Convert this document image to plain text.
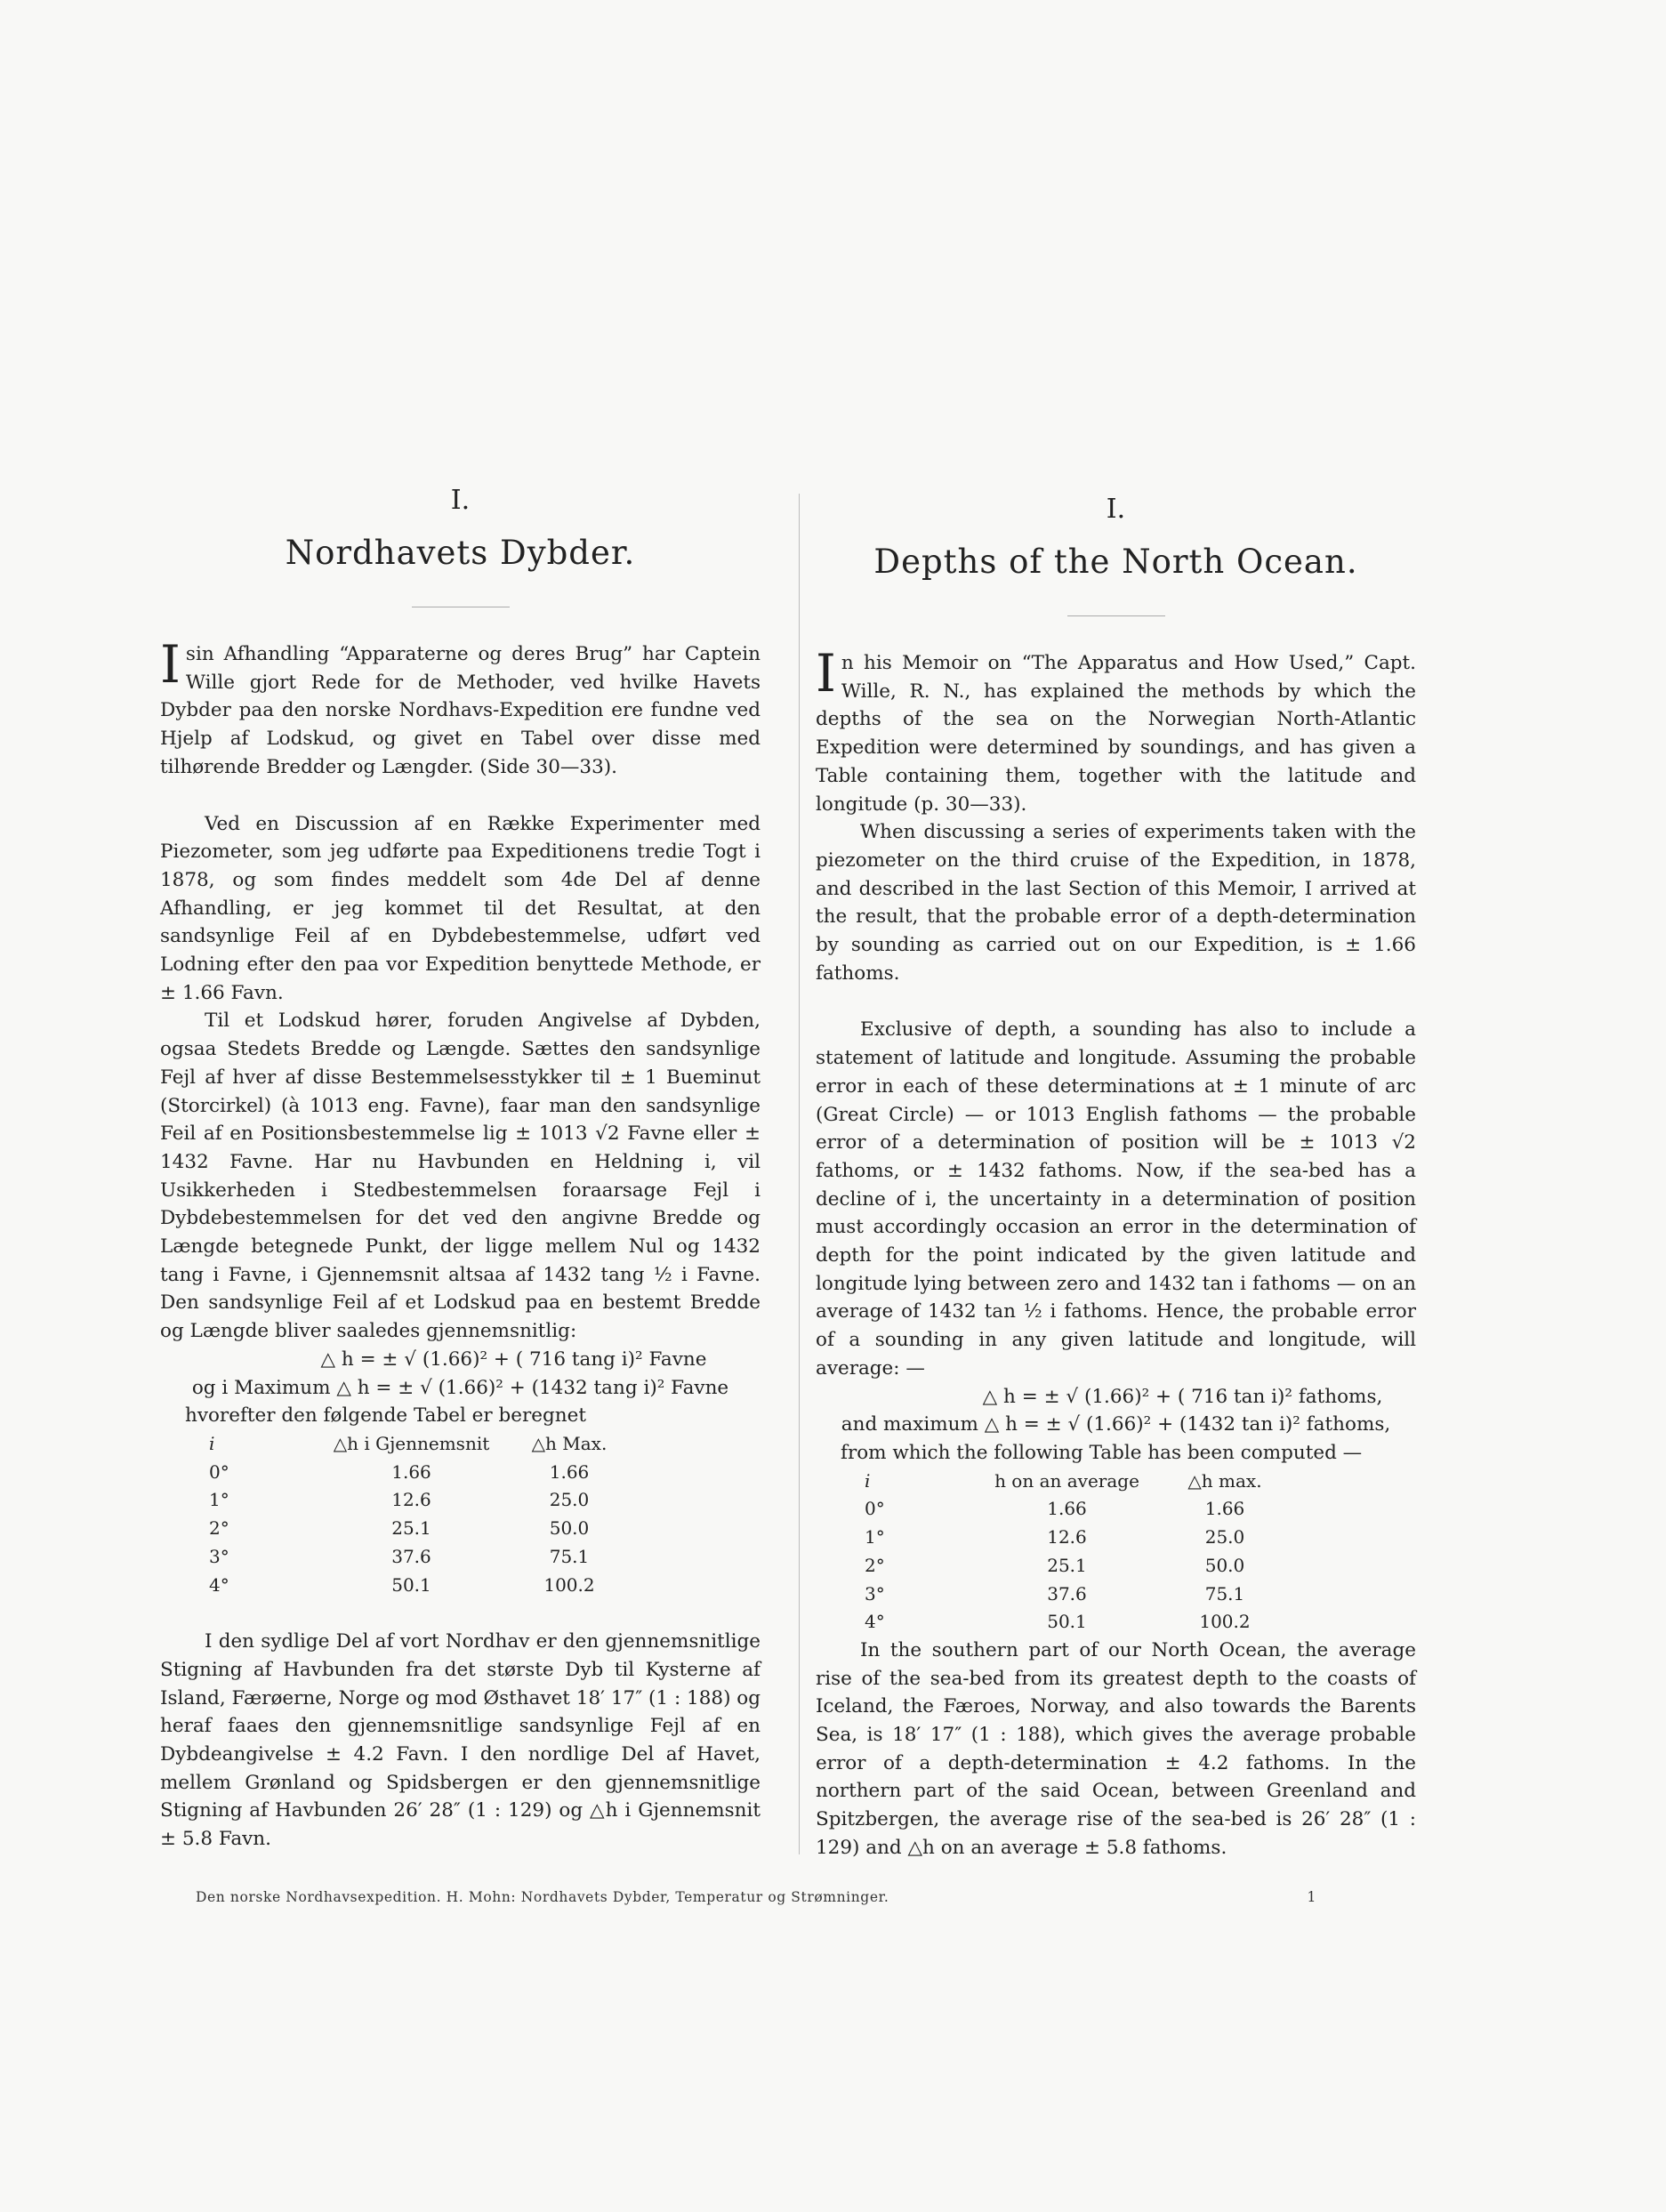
I.
Nordhavets Dybder.

Isin Afhandling “Apparaterne og deres Brug” har Captein Wille gjort Rede for de Methoder, ved hvilke Havets Dybder paa den norske Nordhavs-Expedition ere fundne ved Hjelp af Lodskud, og givet en Tabel over disse med tilhørende Bredder og Længder. (Side 30—33).

Ved en Discussion af en Række Experimenter med Piezometer, som jeg udførte paa Expeditionens tredie Togt i 1878, og som findes meddelt som 4de Del af denne Afhandling, er jeg kommet til det Resultat, at den sandsynlige Feil af en Dybdebestemmelse, udført ved Lodning efter den paa vor Expedition benyttede Methode, er ± 1.66 Favn.

Til et Lodskud hører, foruden Angivelse af Dybden, ogsaa Stedets Bredde og Længde. Sættes den sandsynlige Fejl af hver af disse Bestemmelsesstykker til ± 1 Bueminut (Storcirkel) (à 1013 eng. Favne), faar man den sandsynlige Feil af en Positionsbestemmelse lig ± 1013 √2 Favne eller ± 1432 Favne. Har nu Havbunden en Heldning i, vil Usikkerheden i Stedbestemmelsen foraarsage Fejl i Dybdebestemmelsen for det ved den angivne Bredde og Længde betegnede Punkt, der ligge mellem Nul og 1432 tang i Favne, i Gjennemsnit altsaa af 1432 tang ½ i Favne. Den sandsynlige Feil af et Lodskud paa en bestemt Bredde og Længde bliver saaledes gjennemsnitlig:

△ h = ± √ (1.66)² + ( 716 tang i)² Favne
og i Maximum △ h = ± √ (1.66)² + (1432 tang i)² Favne
hvorefter den følgende Tabel er beregnet
i	△h i Gjennemsnit	△h Max.
0°	1.66	1.66
1°	12.6	25.0
2°	25.1	50.0
3°	37.6	75.1
4°	50.1	100.2

I den sydlige Del af vort Nordhav er den gjennemsnitlige Stigning af Havbunden fra det største Dyb til Kysterne af Island, Færøerne, Norge og mod Østhavet 18′ 17″ (1 : 188) og heraf faaes den gjennemsnitlige sandsynlige Fejl af en Dybdeangivelse ± 4.2 Favn. I den nordlige Del af Havet, mellem Grønland og Spidsbergen er den gjennemsnitlige Stigning af Havbunden 26′ 28″ (1 : 129) og △h i Gjennemsnit ± 5.8 Favn.

I.
Depths of the North Ocean.

In his Memoir on “The Apparatus and How Used,” Capt. Wille, R. N., has explained the methods by which the depths of the sea on the Norwegian North-Atlantic Expedition were determined by soundings, and has given a Table containing them, together with the latitude and longitude (p. 30—33).

When discussing a series of experiments taken with the piezometer on the third cruise of the Expedition, in 1878, and described in the last Section of this Memoir, I arrived at the result, that the probable error of a depth-determination by sounding as carried out on our Expedition, is ± 1.66 fathoms.

Exclusive of depth, a sounding has also to include a statement of latitude and longitude. Assuming the probable error in each of these determinations at ± 1 minute of arc (Great Circle) — or 1013 English fathoms — the probable error of a determination of position will be ± 1013 √2 fathoms, or ± 1432 fathoms. Now, if the sea-bed has a decline of i, the uncertainty in a determination of position must accordingly occasion an error in the determination of depth for the point indicated by the given latitude and longitude lying between zero and 1432 tan i fathoms — on an average of 1432 tan ½ i fathoms. Hence, the probable error of a sounding in any given latitude and longitude, will average: —

△ h = ± √ (1.66)² + ( 716 tan i)² fathoms,
and maximum △ h = ± √ (1.66)² + (1432 tan i)² fathoms,
from which the following Table has been computed —
i	h on an average	△h max.
0°	1.66	1.66
1°	12.6	25.0
2°	25.1	50.0
3°	37.6	75.1
4°	50.1	100.2

In the southern part of our North Ocean, the average rise of the sea-bed from its greatest depth to the coasts of Iceland, the Færoes, Norway, and also towards the Barents Sea, is 18′ 17″ (1 : 188), which gives the average probable error of a depth-determination ± 4.2 fathoms. In the northern part of the said Ocean, between Greenland and Spitzbergen, the average rise of the sea-bed is 26′ 28″ (1 : 129) and △h on an average ± 5.8 fathoms.

Den norske Nordhavsexpedition. H. Mohn: Nordhavets Dybder, Temperatur og Strømninger.	1
